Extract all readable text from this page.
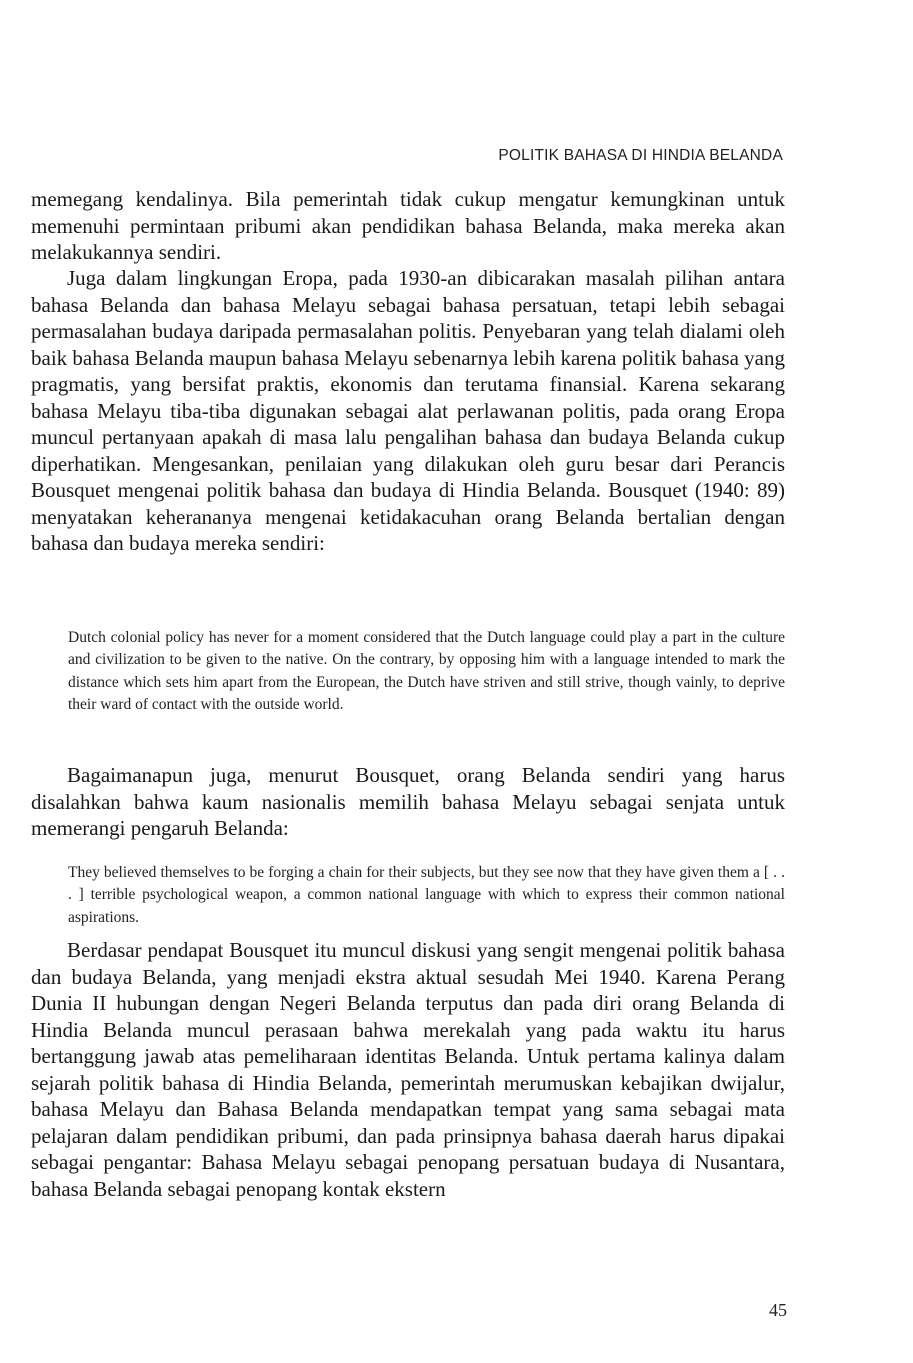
POLITIK BAHASA DI HINDIA BELANDA

memegang kendalinya. Bila pemerintah tidak cukup mengatur kemungkinan untuk memenuhi permintaan pribumi akan pendidikan bahasa Belanda, maka mereka akan melakukannya sendiri.

Juga dalam lingkungan Eropa, pada 1930-an dibicarakan masalah pilihan antara bahasa Belanda dan bahasa Melayu sebagai bahasa persatuan, tetapi lebih sebagai permasalahan budaya daripada permasalahan politis. Penyebaran yang telah dialami oleh baik bahasa Belanda maupun bahasa Melayu sebenarnya lebih karena politik bahasa yang pragmatis, yang bersifat praktis, ekonomis dan terutama finansial. Karena sekarang bahasa Melayu tiba-tiba digunakan sebagai alat perlawanan politis, pada orang Eropa muncul pertanyaan apakah di masa lalu pengalihan bahasa dan budaya Belanda cukup diperhatikan. Mengesankan, penilaian yang dilakukan oleh guru besar dari Perancis Bousquet mengenai politik bahasa dan budaya di Hindia Belanda. Bousquet (1940: 89) menyatakan keherananya mengenai ketidakacuhan orang Belanda bertalian dengan bahasa dan budaya mereka sendiri:

Dutch colonial policy has never for a moment considered that the Dutch language could play a part in the culture and civilization to be given to the native. On the contrary, by opposing him with a language intended to mark the distance which sets him apart from the European, the Dutch have striven and still strive, though vainly, to deprive their ward of contact with the outside world.

Bagaimanapun juga, menurut Bousquet, orang Belanda sendiri yang harus disalahkan bahwa kaum nasionalis memilih bahasa Melayu sebagai senjata untuk memerangi pengaruh Belanda:

They believed themselves to be forging a chain for their subjects, but they see now that they have given them a [ . . . ] terrible psychological weapon, a common national language with which to express their common national aspirations.

Berdasar pendapat Bousquet itu muncul diskusi yang sengit mengenai politik bahasa dan budaya Belanda, yang menjadi ekstra aktual sesudah Mei 1940. Karena Perang Dunia II hubungan dengan Negeri Belanda terputus dan pada diri orang Belanda di Hindia Belanda muncul perasaan bahwa merekalah yang pada waktu itu harus bertanggung jawab atas pemeliharaan identitas Belanda. Untuk pertama kalinya dalam sejarah politik bahasa di Hindia Belanda, pemerintah merumuskan kebajikan dwijalur, bahasa Melayu dan Bahasa Belanda mendapatkan tempat yang sama sebagai mata pelajaran dalam pendidikan pribumi, dan pada prinsipnya bahasa daerah harus dipakai sebagai pengantar: Bahasa Melayu sebagai penopang persatuan budaya di Nusantara, bahasa Belanda sebagai penopang kontak ekstern

45
